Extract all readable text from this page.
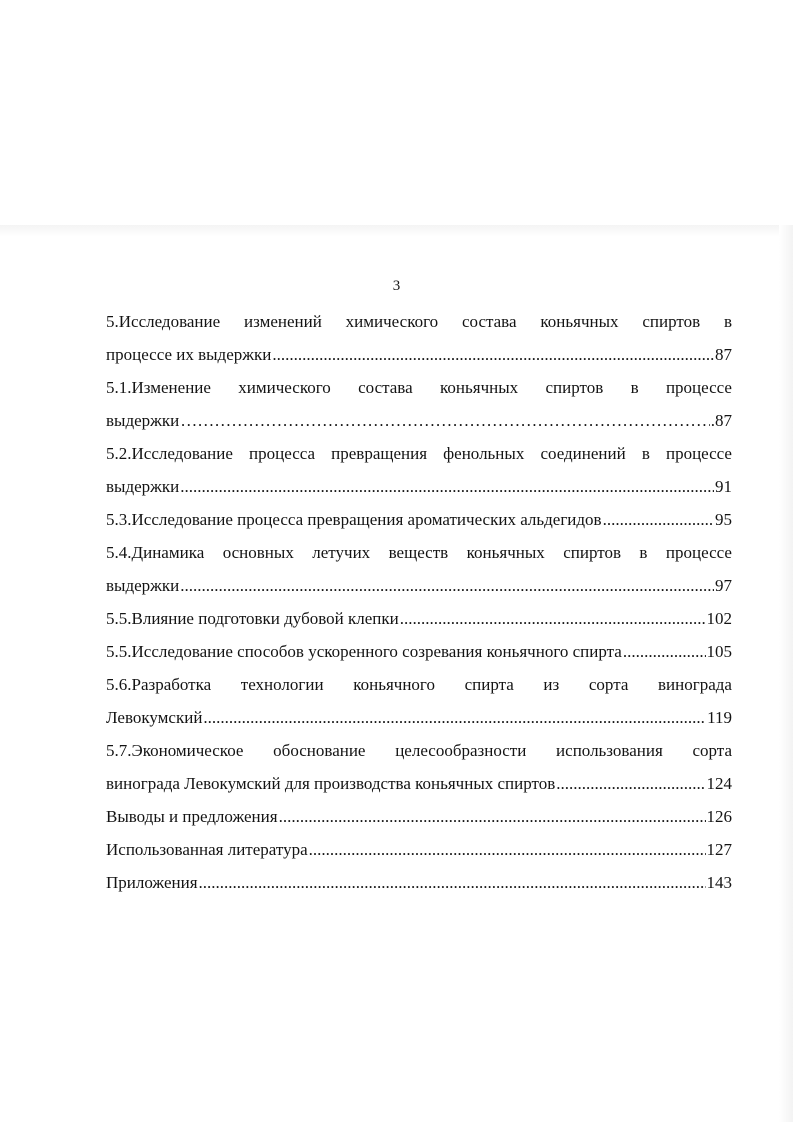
3
5.Исследование изменений химического состава коньячных спиртов в
процессе их выдержки .....	87
5.1.Изменение химического состава коньячных спиртов в процессе
выдержки ………………………………………………………………………………………………………………………………………………	.87
5.2.Исследование процесса превращения фенольных соединений в процессе
выдержки .....	91
5.3.Исследование процесса превращения ароматических альдегидов .....	95
5.4.Динамика основных летучих веществ коньячных спиртов в процессе
выдержки .....	97
5.5.Влияние подготовки дубовой клепки .....	102
5.5.Исследование способов ускоренного созревания коньячного спирта .....	105
5.6.Разработка технологии коньячного спирта из сорта винограда
Левокумский .....	119
5.7.Экономическое обоснование целесообразности использования сорта
винограда Левокумский для производства коньячных спиртов .....	124
Выводы и предложения .....	126
Использованная литература .....	127
Приложения .....	143
